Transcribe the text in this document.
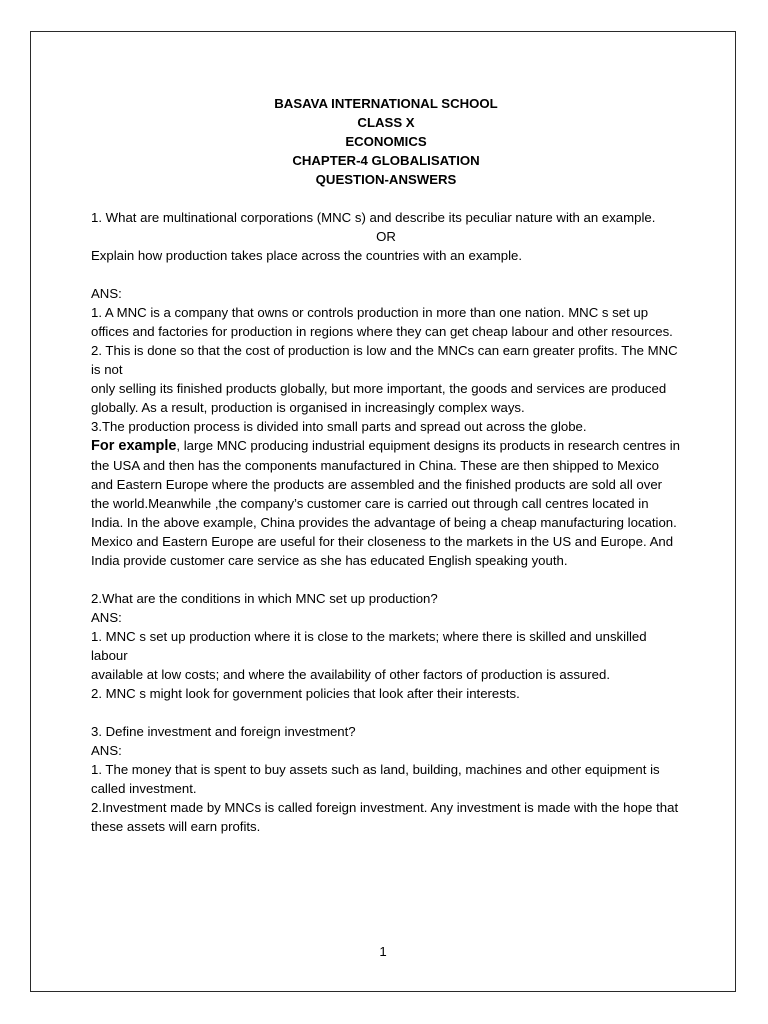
BASAVA INTERNATIONAL SCHOOL
CLASS X
ECONOMICS
CHAPTER-4 GLOBALISATION
QUESTION-ANSWERS

1. What are multinational corporations (MNC s) and describe its peculiar nature with an example.

OR

Explain how production takes place across the countries with an example.

ANS:

1. A MNC is a company that owns or controls production in more than one nation. MNC s set up offices and factories for production in regions where they can get cheap labour and other resources.

2. This is done so that the cost of production is low and the MNCs can earn greater profits. The MNC is not

only selling its finished products globally, but more important, the goods and services are produced globally. As a result, production is organised in increasingly complex ways.

3.The production process is divided into small parts and spread out across the globe.

For example, large MNC producing industrial equipment designs its products in research centres in the USA and then has the components manufactured in China. These are then shipped to Mexico and Eastern Europe where the products are assembled and the finished products are sold all over the world.Meanwhile ,the company’s customer care is carried out through call centres located in India. In the above example, China provides the advantage of being a cheap manufacturing location. Mexico and Eastern Europe are useful for their closeness to the markets in the US and Europe. And India provide customer care service as she has educated English speaking youth.

2.What are the conditions in which MNC set up production?

ANS:

1. MNC s set up production where it is close to the markets; where there is skilled and unskilled labour

available at low costs; and where the availability of other factors of production is assured.

2. MNC s might look for government policies that look after their interests.

3. Define investment and foreign investment?

ANS:

1. The money that is spent to buy assets such as land, building, machines and other equipment is called investment.

2.Investment made by MNCs is called foreign investment. Any investment is made with the hope that these assets will earn profits.

1
